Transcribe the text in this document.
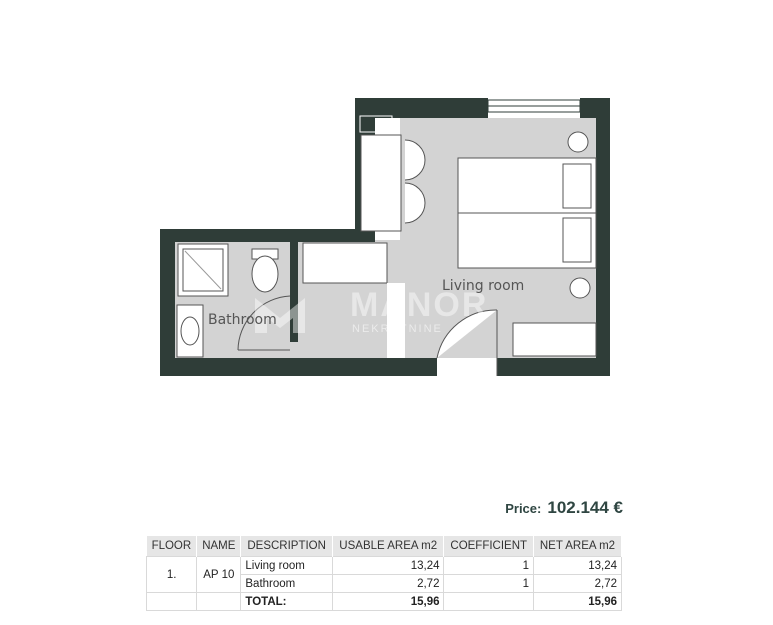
MANOR
NEKRETNINE
Bathroom
Living room
Price: 102.144 €
FLOOR	NAME	DESCRIPTION	USABLE AREA m2	COEFFICIENT	NET AREA m2
1.	AP 10	Living room	13,24	1	13,24
		Bathroom	2,72	1	2,72
		TOTAL:	15,96		15,96
